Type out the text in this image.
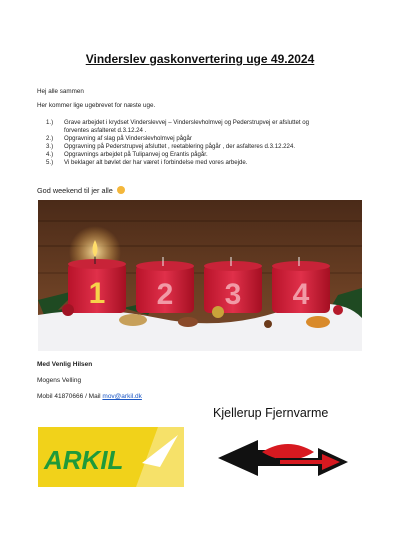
Vinderslev gaskonvertering uge 49.2024
Hej alle sammen
Her kommer lige ugebrevet for næste uge.
1.)	Grave arbejdet i krydset Vinderslevvej – Vinderslevholmvej og Pederstrupvej er afsluttet og
forventes asfalteret d.3.12.24 .
2.)	Opgravning af slag på Vinderslevholmvej pågår
3.)	Opgravning på Pederstrupvej afsluttet , reetablering pågår , der asfalteres d.3.12.224.
4.)	Opgravnings arbejdet på Tulipanvej og Erantis pågår.
5.)	Vi beklager alt bøvlet der har været i forbindelse med vores arbejde.
God weekend til jer alle
1 2 3 4
Med Venlig Hilsen
Mogens Velling
Mobil 41870666 / Mail mov@arkil.dk
Kjellerup Fjernvarme
ARKIL
